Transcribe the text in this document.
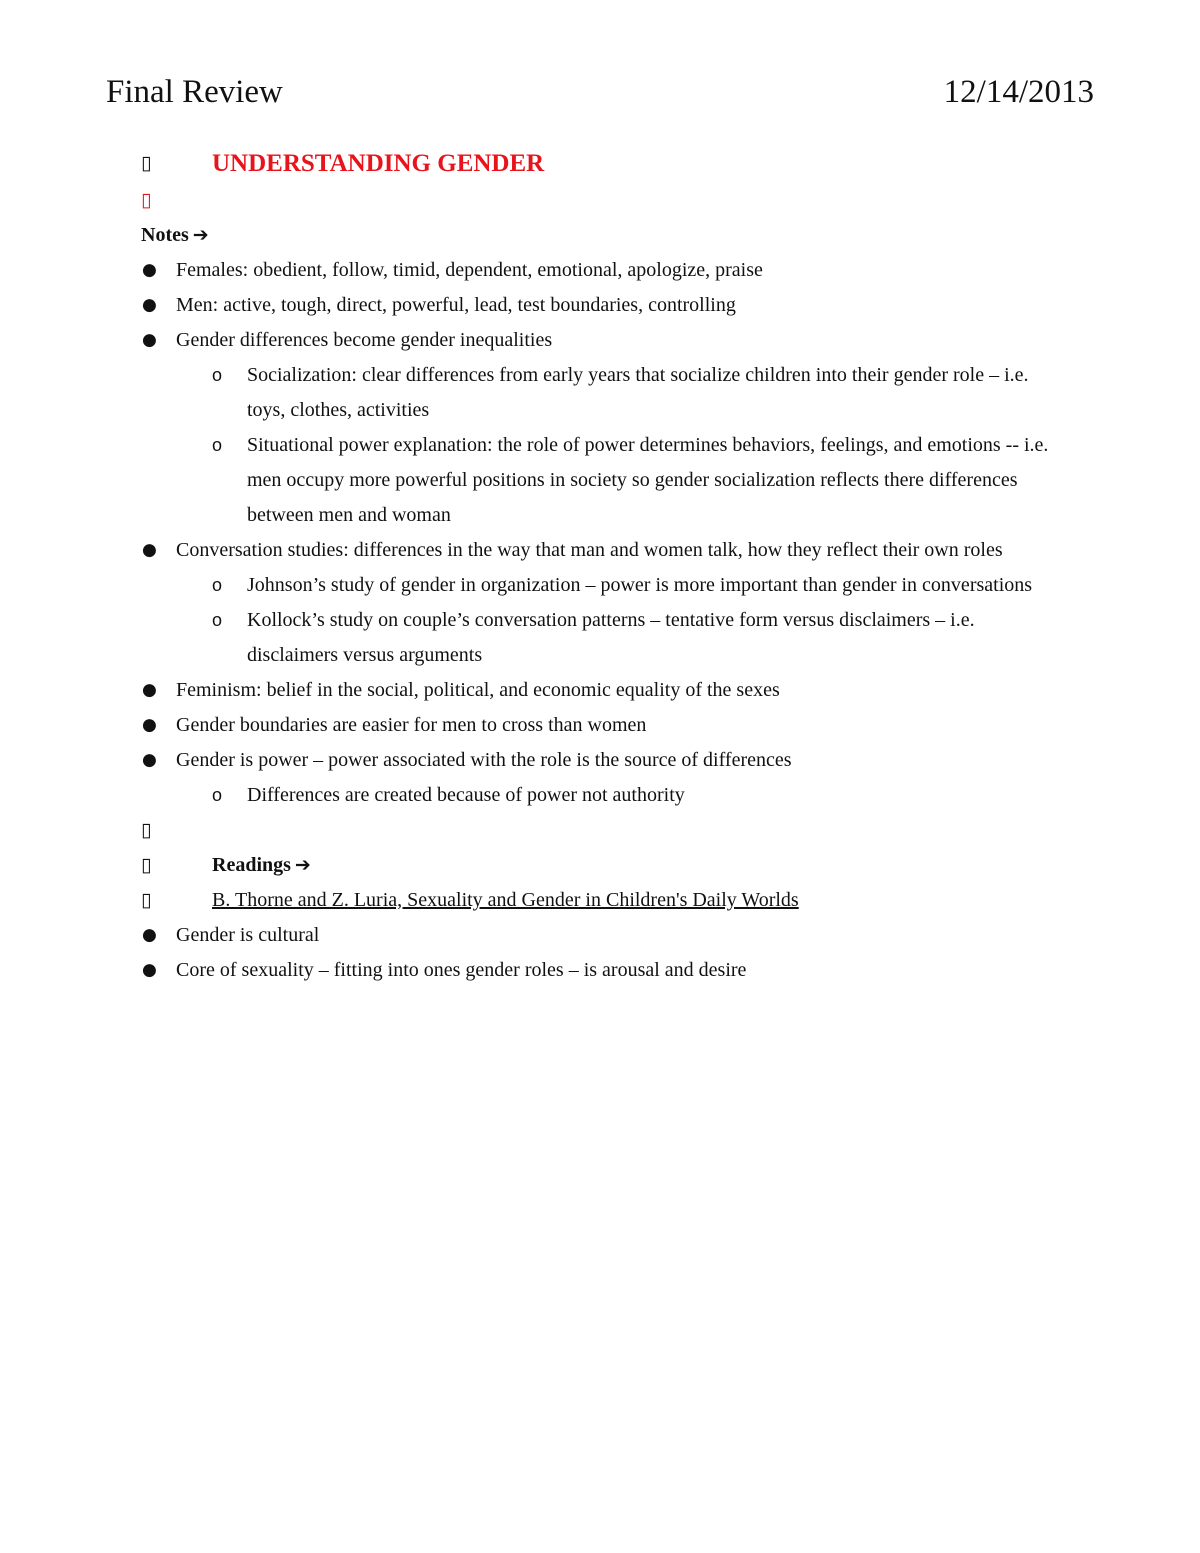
Final Review	12/14/2013
▯	UNDERSTANDING GENDER
▯
Notes ➔
● Females: obedient, follow, timid, dependent, emotional, apologize, praise
● Men: active, tough, direct, powerful, lead, test boundaries, controlling
● Gender differences become gender inequalities
o Socialization: clear differences from early years that socialize children into their gender role – i.e. toys, clothes, activities
o Situational power explanation: the role of power determines behaviors, feelings, and emotions -- i.e. men occupy more powerful positions in society so gender socialization reflects there differences between men and woman
● Conversation studies: differences in the way that man and women talk, how they reflect their own roles
o Johnson’s study of gender in organization – power is more important than gender in conversations
o Kollock’s study on couple’s conversation patterns – tentative form versus disclaimers – i.e. disclaimers versus arguments
● Feminism: belief in the social, political, and economic equality of the sexes
● Gender boundaries are easier for men to cross than women
● Gender is power – power associated with the role is the source of differences
o Differences are created because of power not authority
▯
▯	Readings ➔
▯	B. Thorne and Z. Luria, Sexuality and Gender in Children's Daily Worlds
● Gender is cultural
● Core of sexuality – fitting into ones gender roles – is arousal and desire
